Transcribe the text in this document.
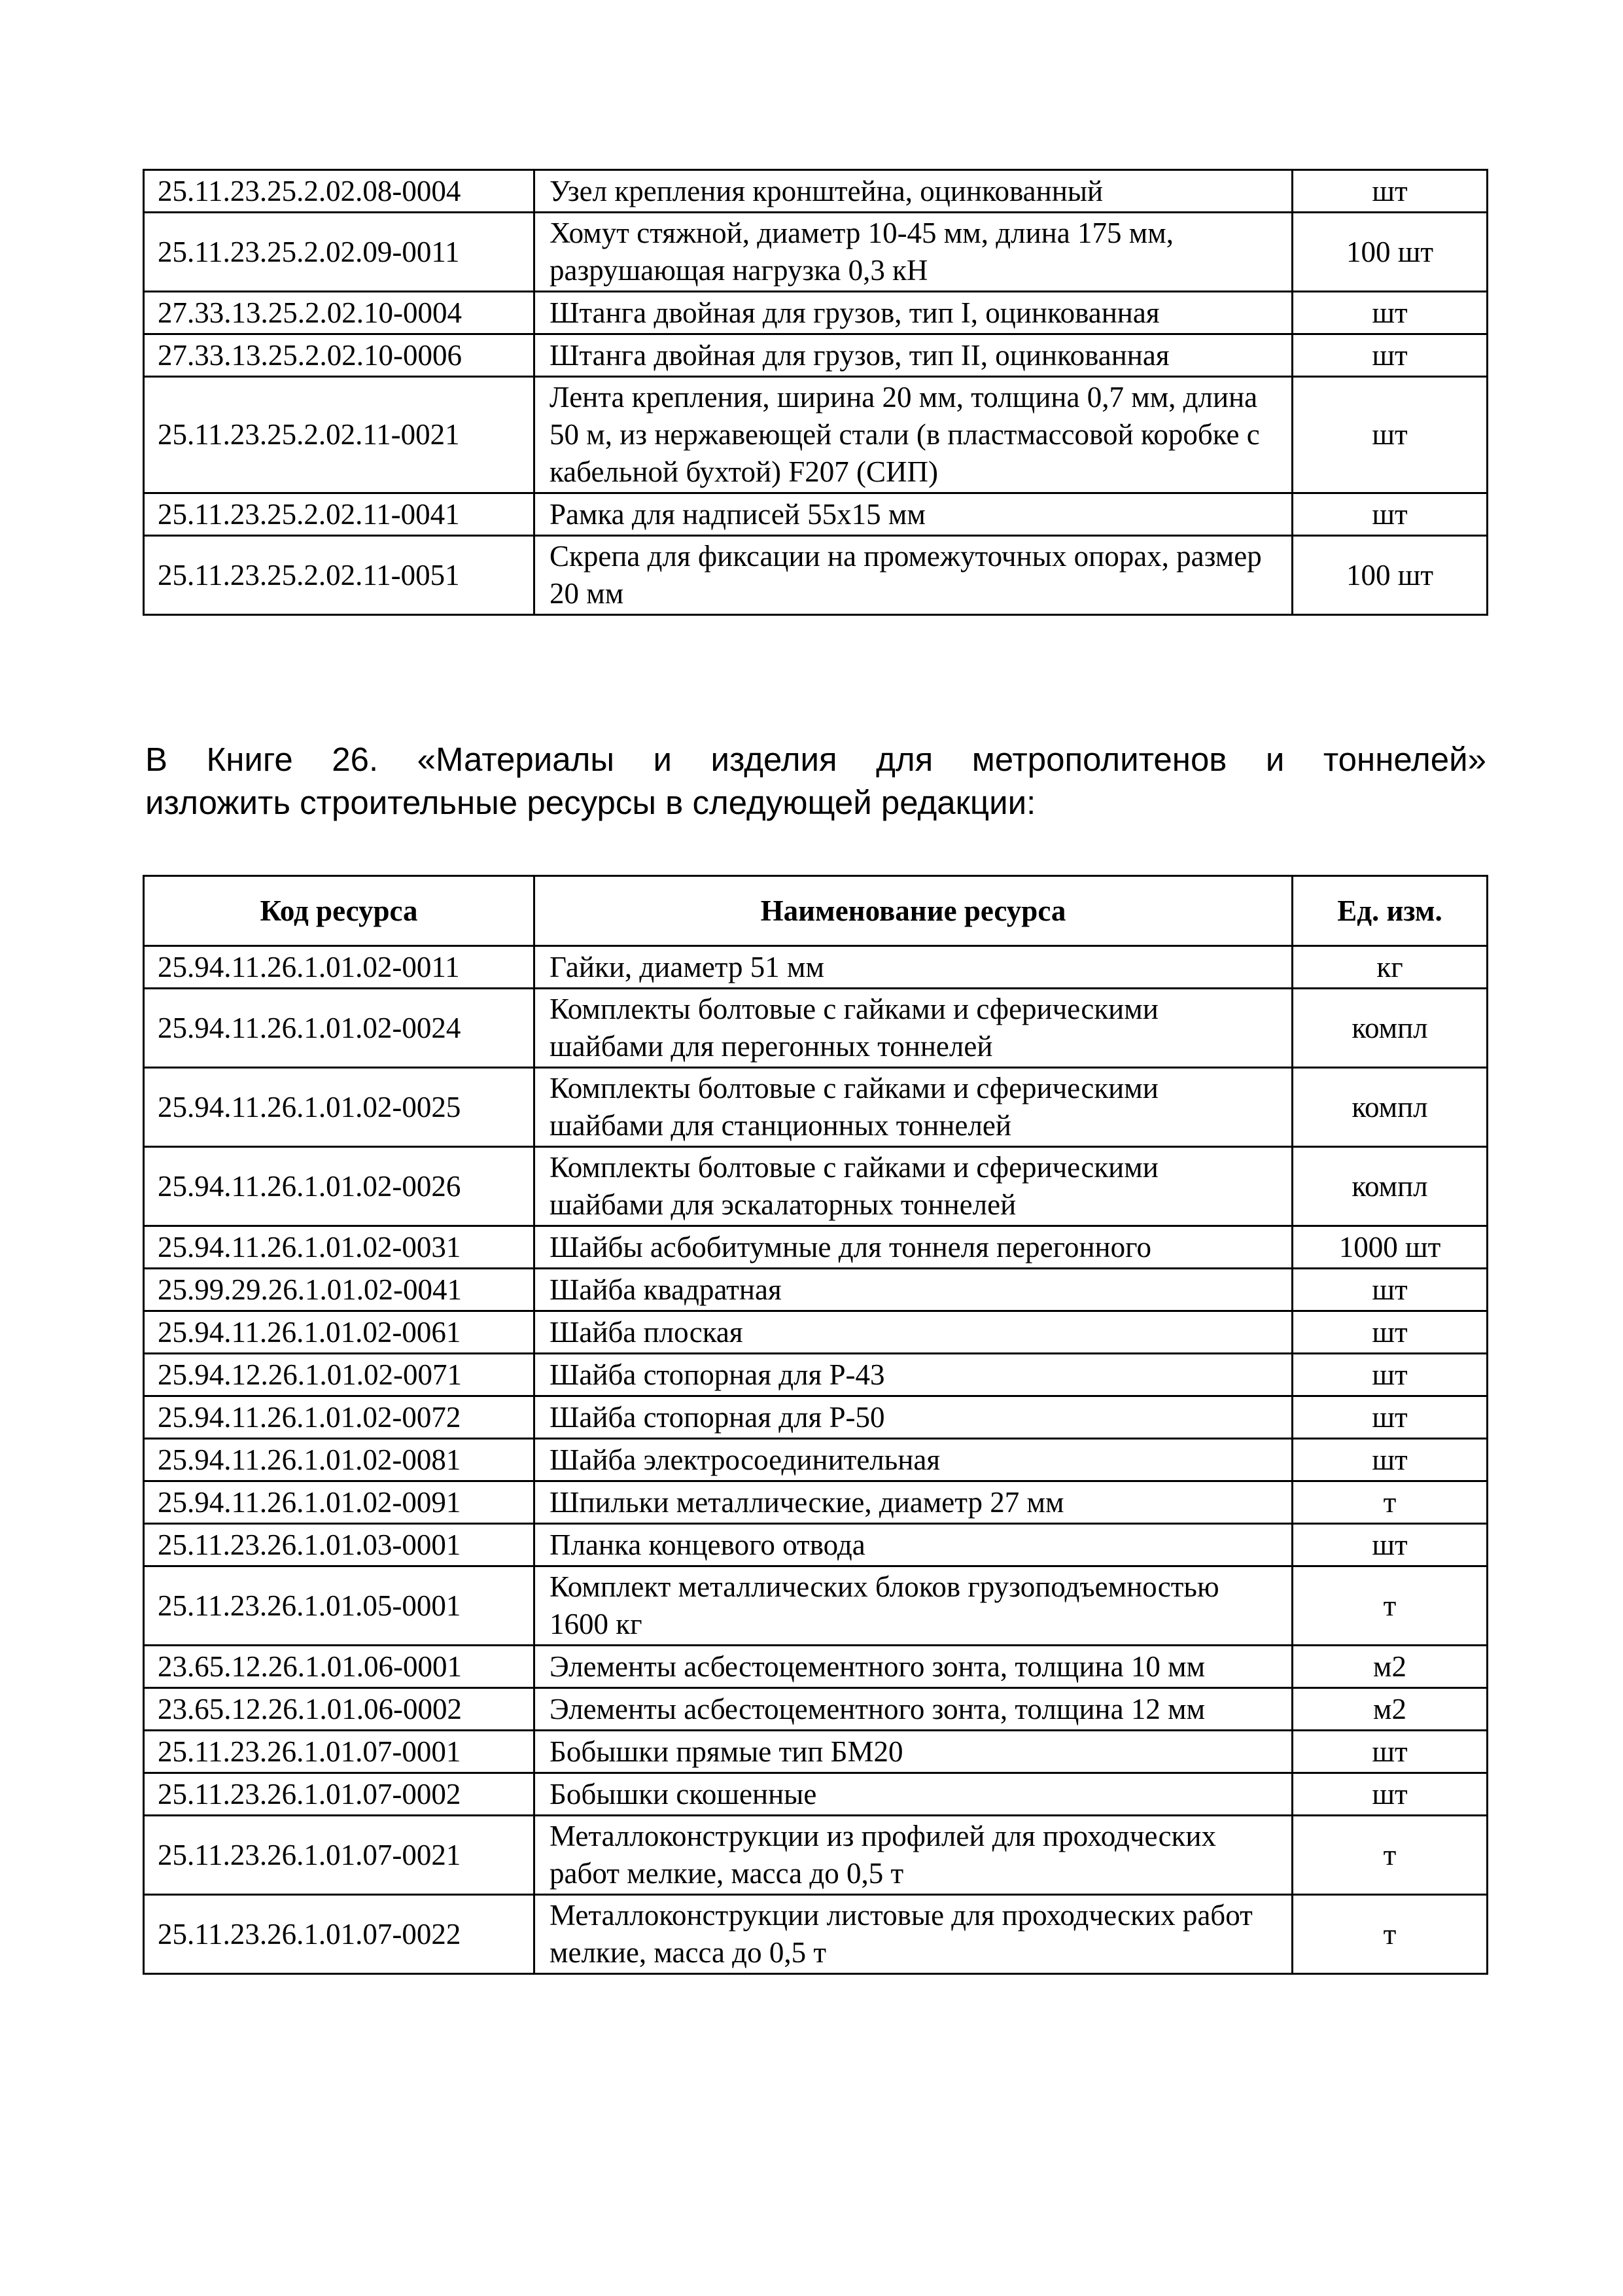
25.11.23.25.2.02.08-0004	Узел крепления кронштейна, оцинкованный	шт
25.11.23.25.2.02.09-0011	Хомут стяжной, диаметр 10-45 мм, длина 175 мм, разрушающая нагрузка 0,3 кН	100 шт
27.33.13.25.2.02.10-0004	Штанга двойная для грузов, тип I, оцинкованная	шт
27.33.13.25.2.02.10-0006	Штанга двойная для грузов, тип II, оцинкованная	шт
25.11.23.25.2.02.11-0021	Лента крепления, ширина 20 мм, толщина 0,7 мм, длина 50 м, из нержавеющей стали (в пластмассовой коробке с кабельной бухтой) F207 (СИП)	шт
25.11.23.25.2.02.11-0041	Рамка для надписей 55х15 мм	шт
25.11.23.25.2.02.11-0051	Скрепа для фиксации на промежуточных опорах, размер 20 мм	100 шт
В Книге 26. «Материалы и изделия для метрополитенов и тоннелей»
изложить строительные ресурсы в следующей редакции:
Код ресурса	Наименование ресурса	Ед. изм.
25.94.11.26.1.01.02-0011	Гайки, диаметр 51 мм	кг
25.94.11.26.1.01.02-0024	Комплекты болтовые с гайками и сферическими шайбами для перегонных тоннелей	компл
25.94.11.26.1.01.02-0025	Комплекты болтовые с гайками и сферическими шайбами для станционных тоннелей	компл
25.94.11.26.1.01.02-0026	Комплекты болтовые с гайками и сферическими шайбами для эскалаторных тоннелей	компл
25.94.11.26.1.01.02-0031	Шайбы асбобитумные для тоннеля перегонного	1000 шт
25.99.29.26.1.01.02-0041	Шайба квадратная	шт
25.94.11.26.1.01.02-0061	Шайба плоская	шт
25.94.12.26.1.01.02-0071	Шайба стопорная для Р-43	шт
25.94.11.26.1.01.02-0072	Шайба стопорная для Р-50	шт
25.94.11.26.1.01.02-0081	Шайба электросоединительная	шт
25.94.11.26.1.01.02-0091	Шпильки металлические, диаметр 27 мм	т
25.11.23.26.1.01.03-0001	Планка концевого отвода	шт
25.11.23.26.1.01.05-0001	Комплект металлических блоков грузоподъемностью 1600 кг	т
23.65.12.26.1.01.06-0001	Элементы асбестоцементного зонта, толщина 10 мм	м2
23.65.12.26.1.01.06-0002	Элементы асбестоцементного зонта, толщина 12 мм	м2
25.11.23.26.1.01.07-0001	Бобышки прямые тип БМ20	шт
25.11.23.26.1.01.07-0002	Бобышки скошенные	шт
25.11.23.26.1.01.07-0021	Металлоконструкции из профилей для проходческих работ мелкие, масса до 0,5 т	т
25.11.23.26.1.01.07-0022	Металлоконструкции листовые для проходческих работ мелкие, масса до 0,5 т	т
